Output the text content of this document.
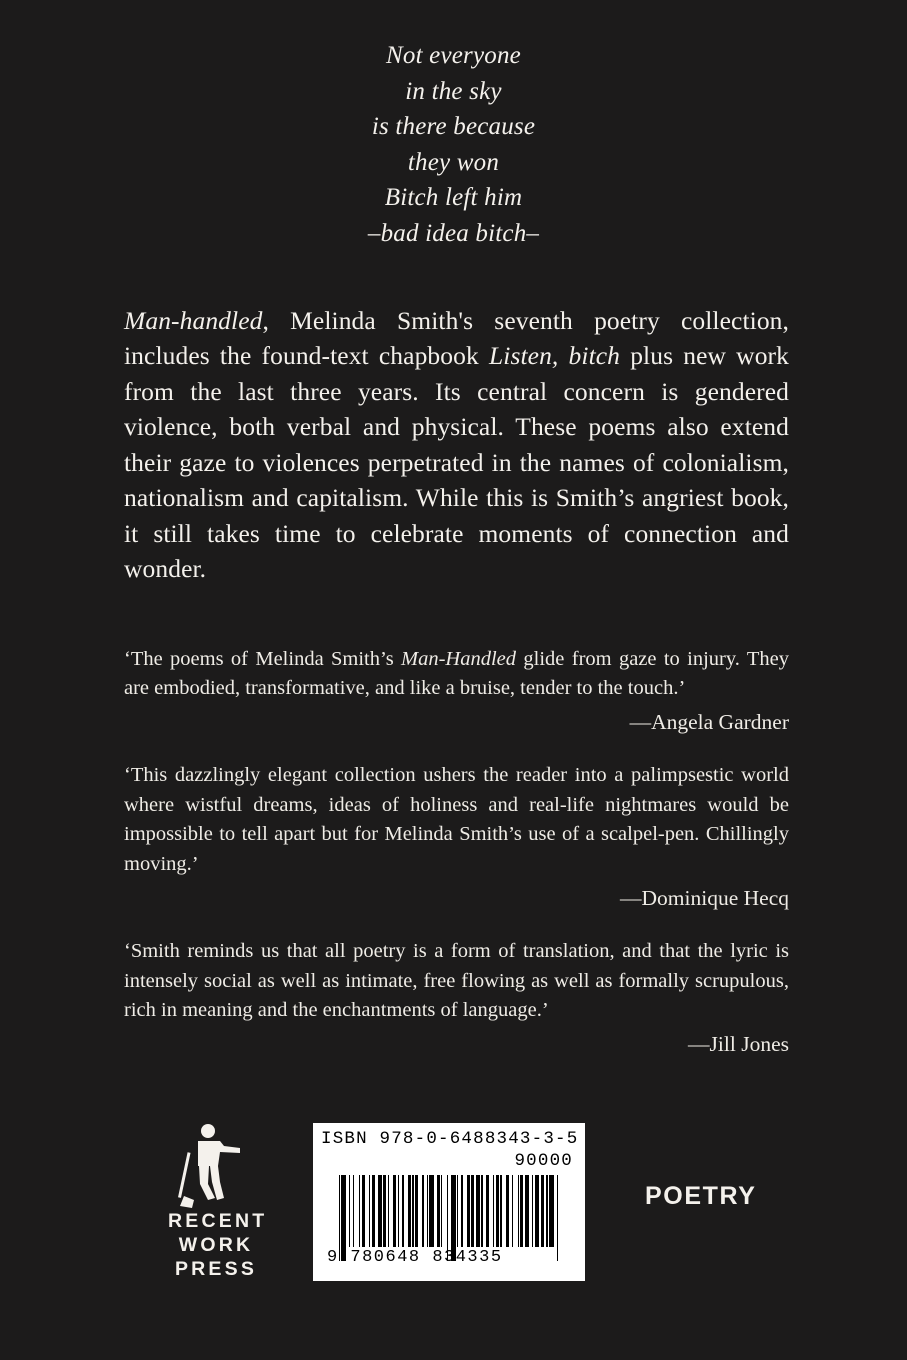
Not everyone
in the sky
is there because
they won
Bitch left him
–bad idea bitch–

Man-handled, Melinda Smith's seventh poetry collection, includes the found-text chapbook Listen, bitch plus new work from the last three years. Its central concern is gendered violence, both verbal and physical. These poems also extend their gaze to violences perpetrated in the names of colonialism, nationalism and capitalism. While this is Smith’s angriest book, it still takes time to celebrate moments of connection and wonder.

‘The poems of Melinda Smith’s Man-Handled glide from gaze to injury. They are embodied, transformative, and like a bruise, tender to the touch.’

—Angela Gardner

‘This dazzlingly elegant collection ushers the reader into a palimpsestic world where wistful dreams, ideas of holiness and real-life nightmares would be impossible to tell apart but for Melinda Smith’s use of a scalpel-pen. Chillingly moving.’

—Dominique Hecq

‘Smith reminds us that all poetry is a form of translation, and that the lyric is intensely social as well as intimate, free flowing as well as formally scrupulous, rich in meaning and the enchantments of language.’

—Jill Jones
RECENT
WORK
PRESS
ISBN 978-0-6488343-3-5
90000
9 780648 834335
POETRY
